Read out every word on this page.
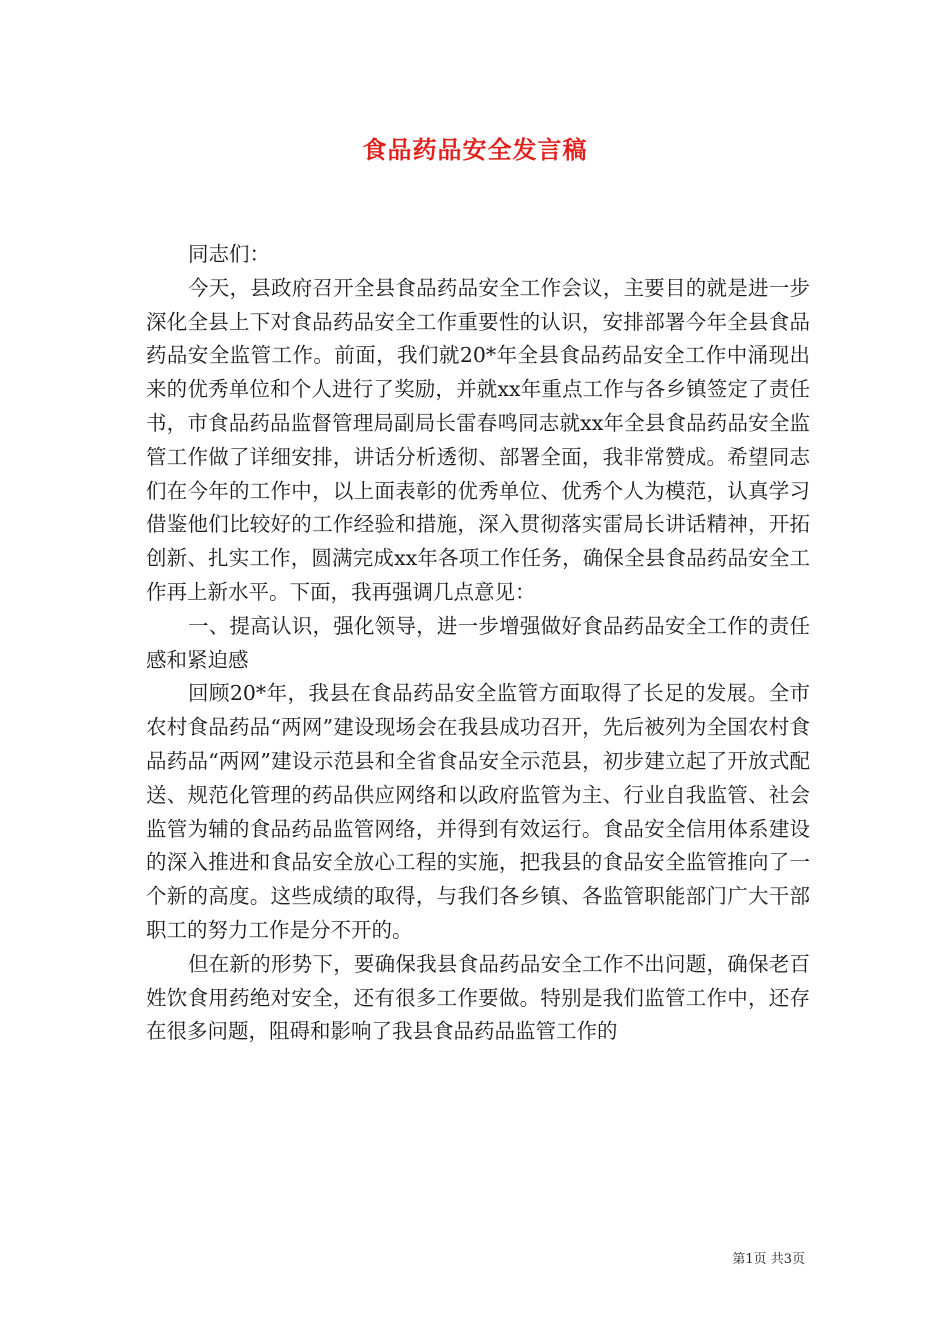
食品药品安全发言稿

同志们：

今天，县政府召开全县食品药品安全工作会议，主要目的就是进一步深化全县上下对食品药品安全工作重要性的认识，安排部署今年全县食品药品安全监管工作。前面，我们就20*年全县食品药品安全工作中涌现出来的优秀单位和个人进行了奖励，并就xx年重点工作与各乡镇签定了责任书，市食品药品监督管理局副局长雷春鸣同志就xx年全县食品药品安全监管工作做了详细安排，讲话分析透彻、部署全面，我非常赞成。希望同志们在今年的工作中，以上面表彰的优秀单位、优秀个人为模范，认真学习借鉴他们比较好的工作经验和措施，深入贯彻落实雷局长讲话精神，开拓创新、扎实工作，圆满完成xx年各项工作任务，确保全县食品药品安全工作再上新水平。下面，我再强调几点意见：

一、提高认识，强化领导，进一步增强做好食品药品安全工作的责任感和紧迫感

回顾20*年，我县在食品药品安全监管方面取得了长足的发展。全市农村食品药品“两网”建设现场会在我县成功召开，先后被列为全国农村食品药品“两网”建设示范县和全省食品安全示范县，初步建立起了开放式配送、规范化管理的药品供应网络和以政府监管为主、行业自我监管、社会监管为辅的食品药品监管网络，并得到有效运行。食品安全信用体系建设的深入推进和食品安全放心工程的实施，把我县的食品安全监管推向了一个新的高度。这些成绩的取得，与我们各乡镇、各监管职能部门广大干部职工的努力工作是分不开的。

但在新的形势下，要确保我县食品药品安全工作不出问题，确保老百姓饮食用药绝对安全，还有很多工作要做。特别是我们监管工作中，还存在很多问题，阻碍和影响了我县食品药品监管工作的

第1页 共3页
